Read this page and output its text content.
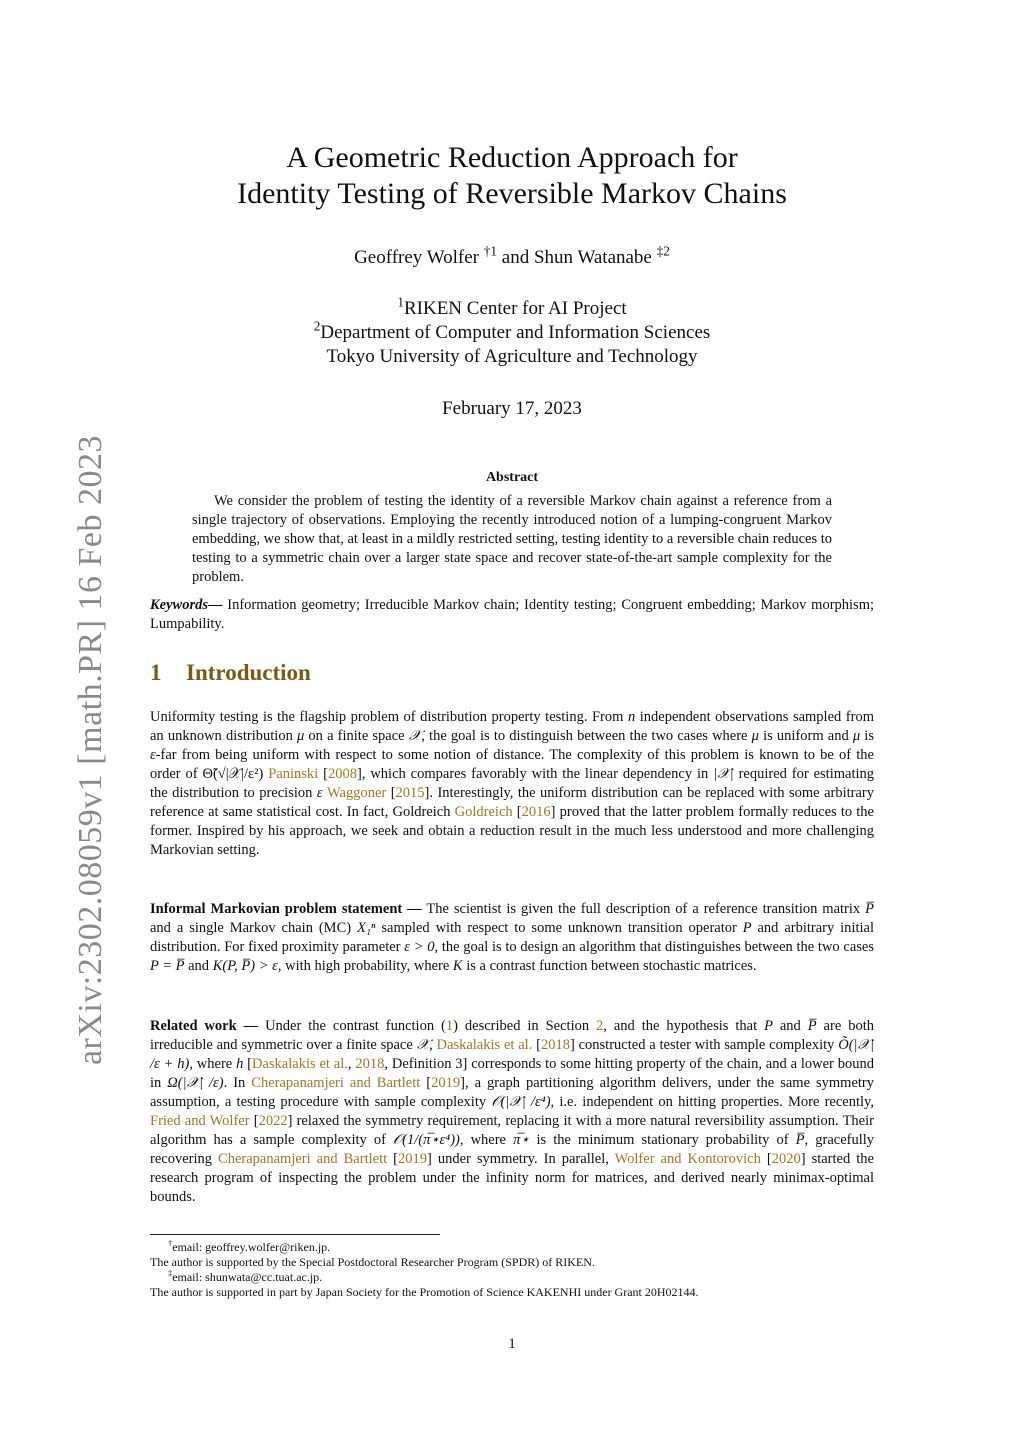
arXiv:2302.08059v1 [math.PR] 16 Feb 2023
A Geometric Reduction Approach for
Identity Testing of Reversible Markov Chains
Geoffrey Wolfer $^{\dagger 1}$ and Shun Watanabe $^{\ddagger 2}$
$^1$RIKEN Center for AI Project
$^2$Department of Computer and Information Sciences
Tokyo University of Agriculture and Technology
February 17, 2023
Abstract
We consider the problem of testing the identity of a reversible Markov chain against a reference from a single trajectory of observations. Employing the recently introduced notion of a lumping-congruent Markov embedding, we show that, at least in a mildly restricted setting, testing identity to a reversible chain reduces to testing to a symmetric chain over a larger state space and recover state-of-the-art sample complexity for the problem.
Keywords— Information geometry; Irreducible Markov chain; Identity testing; Congruent embedding; Markov morphism; Lumpability.
1 Introduction

Uniformity testing is the flagship problem of distribution property testing. From n independent observations sampled from an unknown distribution μ on a finite space 𝒳, the goal is to distinguish between the two cases where μ is uniform and μ is ε-far from being uniform with respect to some notion of distance. The complexity of this problem is known to be of the order of Θ̃(√|𝒳|/ε²) Paninski [2008], which compares favorably with the linear dependency in |𝒳| required for estimating the distribution to precision ε Waggoner [2015]. Interestingly, the uniform distribution can be replaced with some arbitrary reference at same statistical cost. In fact, Goldreich Goldreich [2016] proved that the latter problem formally reduces to the former. Inspired by his approach, we seek and obtain a reduction result in the much less understood and more challenging Markovian setting.

Informal Markovian problem statement — The scientist is given the full description of a reference transition matrix P̅ and a single Markov chain (MC) X₁ⁿ sampled with respect to some unknown transition operator P and arbitrary initial distribution. For fixed proximity parameter ε > 0, the goal is to design an algorithm that distinguishes between the two cases P = P̅ and K(P, P̅) > ε, with high probability, where K is a contrast function between stochastic matrices.

Related work — Under the contrast function (1) described in Section 2, and the hypothesis that P and P̅ are both irreducible and symmetric over a finite space 𝒳, Daskalakis et al. [2018] constructed a tester with sample complexity Õ(|𝒳| /ε + h), where h [Daskalakis et al., 2018, Definition 3] corresponds to some hitting property of the chain, and a lower bound in Ω(|𝒳| /ε). In Cherapanamjeri and Bartlett [2019], a graph partitioning algorithm delivers, under the same symmetry assumption, a testing procedure with sample complexity 𝒪(|𝒳| /ε⁴), i.e. independent on hitting properties. More recently, Fried and Wolfer [2022] relaxed the symmetry requirement, replacing it with a more natural reversibility assumption. Their algorithm has a sample complexity of 𝒪(1/(π̅⋆ε⁴)), where π̅⋆ is the minimum stationary probability of P̅, gracefully recovering Cherapanamjeri and Bartlett [2019] under symmetry. In parallel, Wolfer and Kontorovich [2020] started the research program of inspecting the problem under the infinity norm for matrices, and derived nearly minimax-optimal bounds.

†email: geoffrey.wolfer@riken.jp.
The author is supported by the Special Postdoctoral Researcher Program (SPDR) of RIKEN.
‡email: shunwata@cc.tuat.ac.jp.
The author is supported in part by Japan Society for the Promotion of Science KAKENHI under Grant 20H02144.
1
